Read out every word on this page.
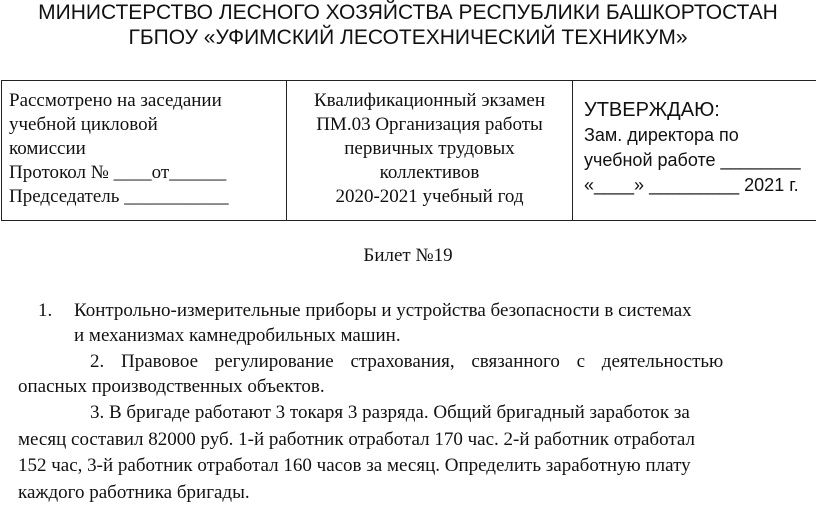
МИНИСТЕРСТВО ЛЕСНОГО ХОЗЯЙСТВА РЕСПУБЛИКИ БАШКОРТОСТАН
ГБПОУ «УФИМСКИЙ ЛЕСОТЕХНИЧЕСКИЙ ТЕХНИКУМ»
Рассмотрено на заседании
учебной цикловой
комиссии
Протокол № ____от______
Председатель ___________
Квалификационный экзамен
ПМ.03 Организация работы
первичных трудовых
коллективов
2020-2021 учебный год
УТВЕРЖДАЮ:
Зам. директора по
учебной работе ________
«____» _________ 2021 г.
Билет №19
1. Контрольно-измерительные приборы и устройства безопасности в системах
и механизмах камнедробильных машин.
2. Правовое регулирование страхования, связанного с деятельностью
опасных производственных объектов.
3. В бригаде работают 3 токаря 3 разряда. Общий бригадный заработок за
месяц составил 82000 руб. 1-й работник отработал 170 час. 2-й работник отработал
152 час, 3-й работник отработал 160 часов за месяц. Определить заработную плату
каждого работника бригады.
